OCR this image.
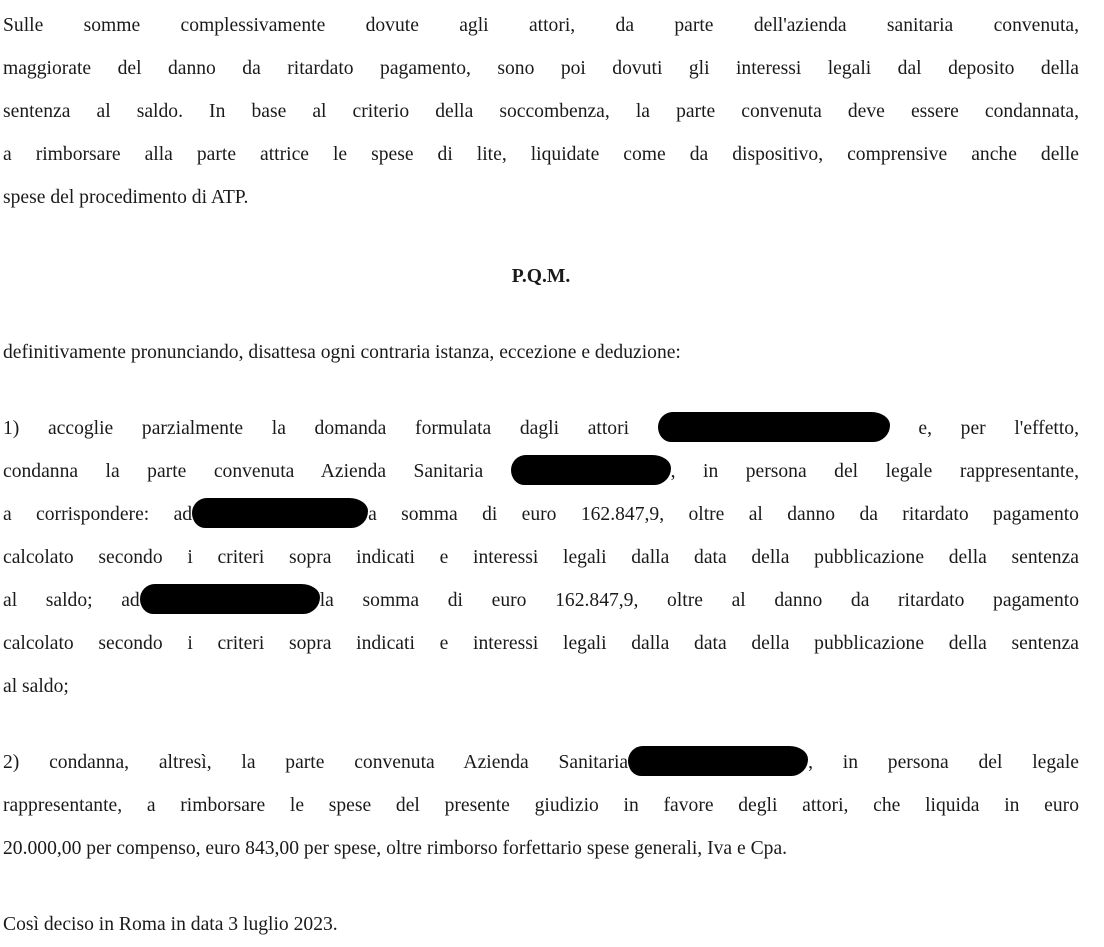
Sulle somme complessivamente dovute agli attori, da parte dell'azienda sanitaria convenuta,
maggiorate del danno da ritardato pagamento, sono poi dovuti gli interessi legali dal deposito della
sentenza al saldo. In base al criterio della soccombenza, la parte convenuta deve essere condannata,
a rimborsare alla parte attrice le spese di lite, liquidate come da dispositivo, comprensive anche delle
spese del procedimento di ATP.
P.Q.M.
definitivamente pronunciando, disattesa ogni contraria istanza, eccezione e deduzione:
1) accoglie parzialmente la domanda formulata dagli attori	e, per l'effetto,
condanna la parte convenuta Azienda Sanitaria	, in persona del legale rappresentante,
a corrispondere: ad	a somma di euro 162.847,9, oltre al danno da ritardato pagamento
calcolato secondo i criteri sopra indicati e interessi legali dalla data della pubblicazione della sentenza
al saldo; ad	la somma di euro 162.847,9, oltre al danno da ritardato pagamento
calcolato secondo i criteri sopra indicati e interessi legali dalla data della pubblicazione della sentenza
al saldo;
2) condanna, altresì, la parte convenuta Azienda Sanitaria	, in persona del legale
rappresentante, a rimborsare le spese del presente giudizio in favore degli attori, che liquida in euro
20.000,00 per compenso, euro 843,00 per spese, oltre rimborso forfettario spese generali, Iva e Cpa.
Così deciso in Roma in data 3 luglio 2023.
